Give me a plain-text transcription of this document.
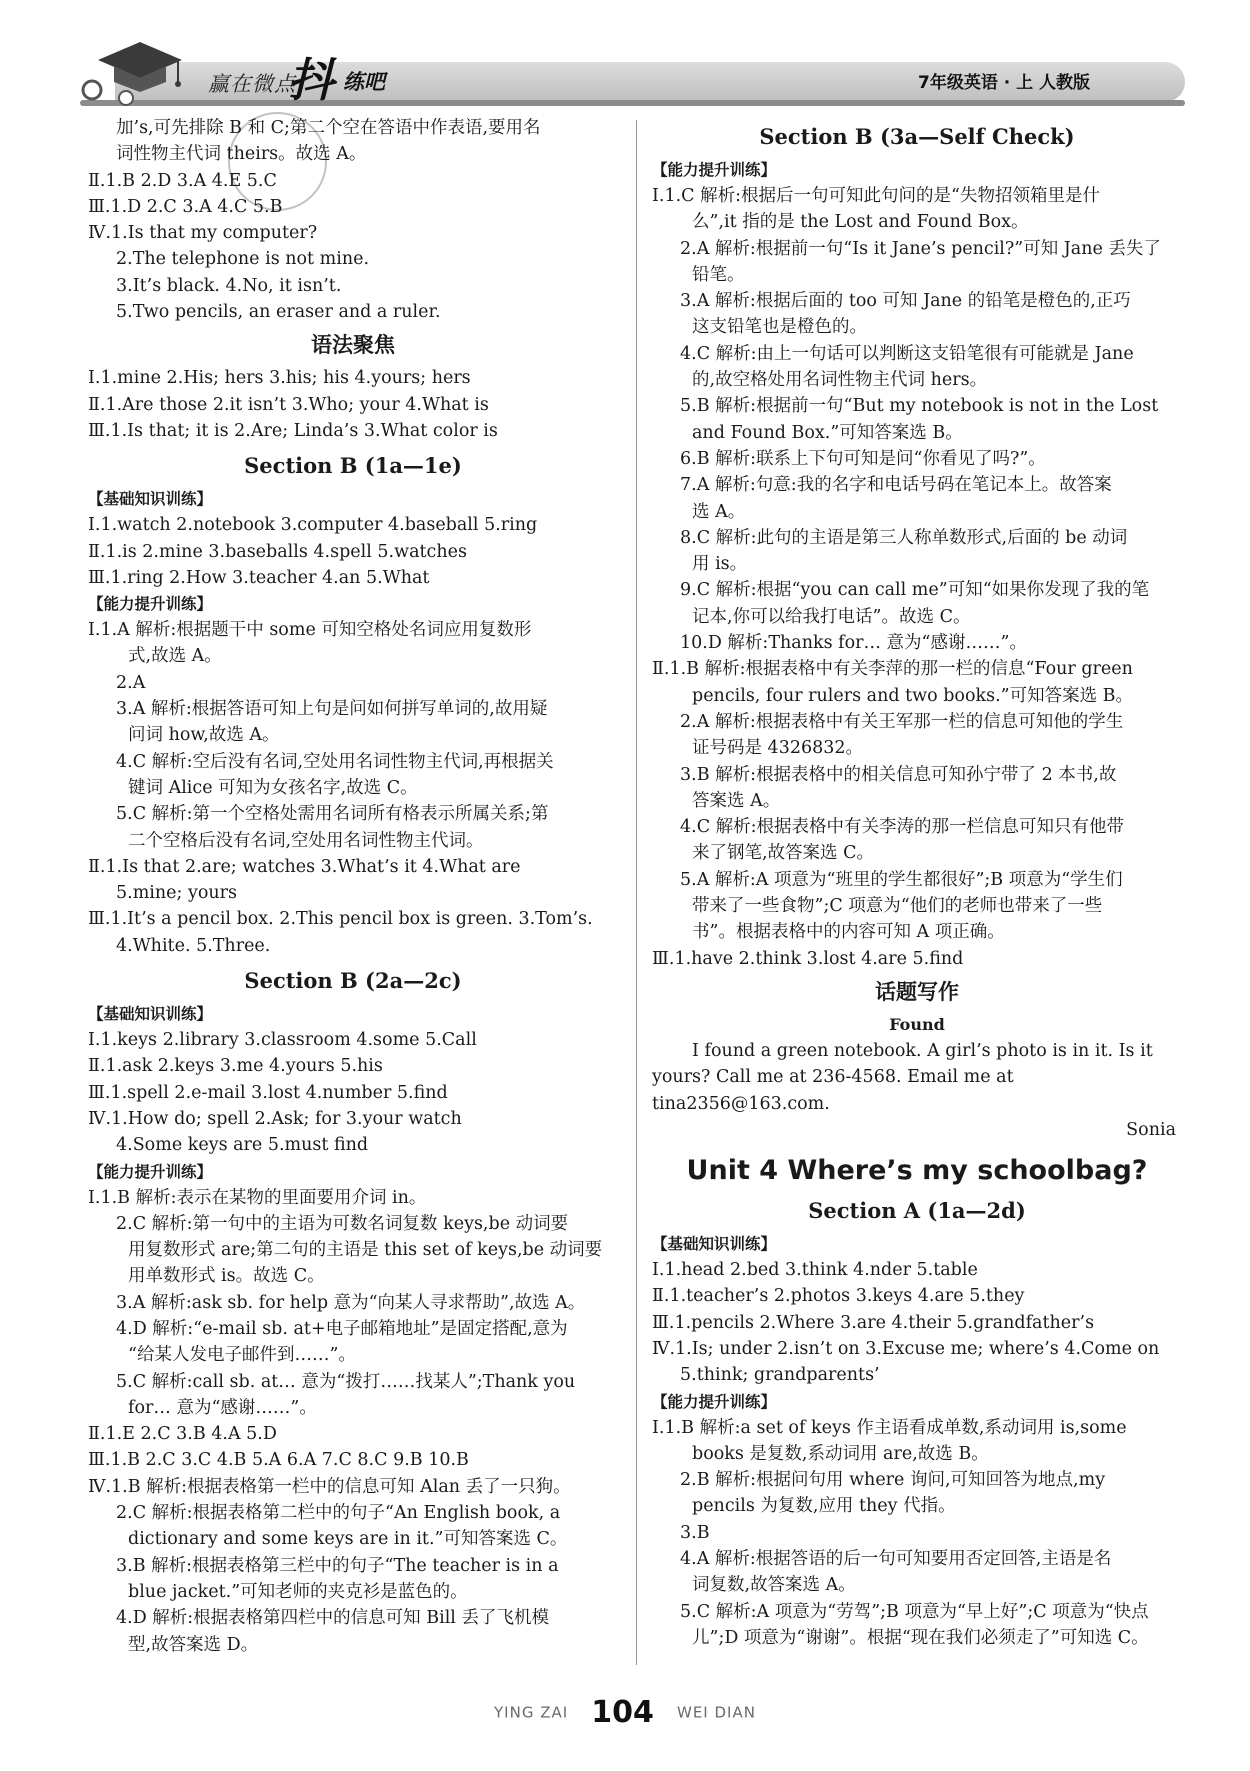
赢在微点
抖 练吧	7年级英语 · 上 人教版
加’s,可先排除 B 和 C;第二个空在答语中作表语,要用名
词性物主代词 theirs。故选 A。
Ⅱ.1.B 2.D 3.A 4.E 5.C
Ⅲ.1.D 2.C 3.A 4.C 5.B
Ⅳ.1.Is that my computer?
2.The telephone is not mine.
3.It’s black. 4.No, it isn’t.
5.Two pencils, an eraser and a ruler.
语法聚焦
Ⅰ.1.mine 2.His; hers 3.his; his 4.yours; hers
Ⅱ.1.Are those 2.it isn’t 3.Who; your 4.What is
Ⅲ.1.Is that; it is 2.Are; Linda’s 3.What color is
Section B (1a—1e)
【基础知识训练】
Ⅰ.1.watch 2.notebook 3.computer 4.baseball 5.ring
Ⅱ.1.is 2.mine 3.baseballs 4.spell 5.watches
Ⅲ.1.ring 2.How 3.teacher 4.an 5.What
【能力提升训练】
Ⅰ.1.A 解析:根据题干中 some 可知空格处名词应用复数形
式,故选 A。
2.A
3.A 解析:根据答语可知上句是问如何拼写单词的,故用疑
问词 how,故选 A。
4.C 解析:空后没有名词,空处用名词性物主代词,再根据关
键词 Alice 可知为女孩名字,故选 C。
5.C 解析:第一个空格处需用名词所有格表示所属关系;第
二个空格后没有名词,空处用名词性物主代词。
Ⅱ.1.Is that 2.are; watches 3.What’s it 4.What are
5.mine; yours
Ⅲ.1.It’s a pencil box. 2.This pencil box is green. 3.Tom’s.
4.White. 5.Three.
Section B (2a—2c)
【基础知识训练】
Ⅰ.1.keys 2.library 3.classroom 4.some 5.Call
Ⅱ.1.ask 2.keys 3.me 4.yours 5.his
Ⅲ.1.spell 2.e-mail 3.lost 4.number 5.find
Ⅳ.1.How do; spell 2.Ask; for 3.your watch
4.Some keys are 5.must find
【能力提升训练】
Ⅰ.1.B 解析:表示在某物的里面要用介词 in。
2.C 解析:第一句中的主语为可数名词复数 keys,be 动词要
用复数形式 are;第二句的主语是 this set of keys,be 动词要
用单数形式 is。故选 C。
3.A 解析:ask sb. for help 意为“向某人寻求帮助”,故选 A。
4.D 解析:“e-mail sb. at+电子邮箱地址”是固定搭配,意为
“给某人发电子邮件到……”。
5.C 解析:call sb. at… 意为“拨打……找某人”;Thank you
for… 意为“感谢……”。
Ⅱ.1.E 2.C 3.B 4.A 5.D
Ⅲ.1.B 2.C 3.C 4.B 5.A 6.A 7.C 8.C 9.B 10.B
Ⅳ.1.B 解析:根据表格第一栏中的信息可知 Alan 丢了一只狗。
2.C 解析:根据表格第二栏中的句子“An English book, a
dictionary and some keys are in it.”可知答案选 C。
3.B 解析:根据表格第三栏中的句子“The teacher is in a
blue jacket.”可知老师的夹克衫是蓝色的。
4.D 解析:根据表格第四栏中的信息可知 Bill 丢了飞机模
型,故答案选 D。
Section B (3a—Self Check)
【能力提升训练】
Ⅰ.1.C 解析:根据后一句可知此句问的是“失物招领箱里是什
么”,it 指的是 the Lost and Found Box。
2.A 解析:根据前一句“Is it Jane’s pencil?”可知 Jane 丢失了
铅笔。
3.A 解析:根据后面的 too 可知 Jane 的铅笔是橙色的,正巧
这支铅笔也是橙色的。
4.C 解析:由上一句话可以判断这支铅笔很有可能就是 Jane
的,故空格处用名词性物主代词 hers。
5.B 解析:根据前一句“But my notebook is not in the Lost
and Found Box.”可知答案选 B。
6.B 解析:联系上下句可知是问“你看见了吗?”。
7.A 解析:句意:我的名字和电话号码在笔记本上。故答案
选 A。
8.C 解析:此句的主语是第三人称单数形式,后面的 be 动词
用 is。
9.C 解析:根据“you can call me”可知“如果你发现了我的笔
记本,你可以给我打电话”。故选 C。
10.D 解析:Thanks for… 意为“感谢……”。
Ⅱ.1.B 解析:根据表格中有关李萍的那一栏的信息“Four green
pencils, four rulers and two books.”可知答案选 B。
2.A 解析:根据表格中有关王军那一栏的信息可知他的学生
证号码是 4326832。
3.B 解析:根据表格中的相关信息可知孙宁带了 2 本书,故
答案选 A。
4.C 解析:根据表格中有关李涛的那一栏信息可知只有他带
来了钢笔,故答案选 C。
5.A 解析:A 项意为“班里的学生都很好”;B 项意为“学生们
带来了一些食物”;C 项意为“他们的老师也带来了一些
书”。根据表格中的内容可知 A 项正确。
Ⅲ.1.have 2.think 3.lost 4.are 5.find
话题写作
Found
I found a green notebook. A girl’s photo is in it. Is it yours? Call me at 236-4568. Email me at tina2356@163.com.
Sonia
Unit 4 Where’s my schoolbag?
Section A (1a—2d)
【基础知识训练】
Ⅰ.1.head 2.bed 3.think 4.nder 5.table
Ⅱ.1.teacher’s 2.photos 3.keys 4.are 5.they
Ⅲ.1.pencils 2.Where 3.are 4.their 5.grandfather’s
Ⅳ.1.Is; under 2.isn’t on 3.Excuse me; where’s 4.Come on
5.think; grandparents’
【能力提升训练】
Ⅰ.1.B 解析:a set of keys 作主语看成单数,系动词用 is,some
books 是复数,系动词用 are,故选 B。
2.B 解析:根据问句用 where 询问,可知回答为地点,my
pencils 为复数,应用 they 代指。
3.B
4.A 解析:根据答语的后一句可知要用否定回答,主语是名
词复数,故答案选 A。
5.C 解析:A 项意为“劳驾”;B 项意为“早上好”;C 项意为“快点
儿”;D 项意为“谢谢”。根据“现在我们必须走了”可知选 C。
YING ZAI 104 WEI DIAN
